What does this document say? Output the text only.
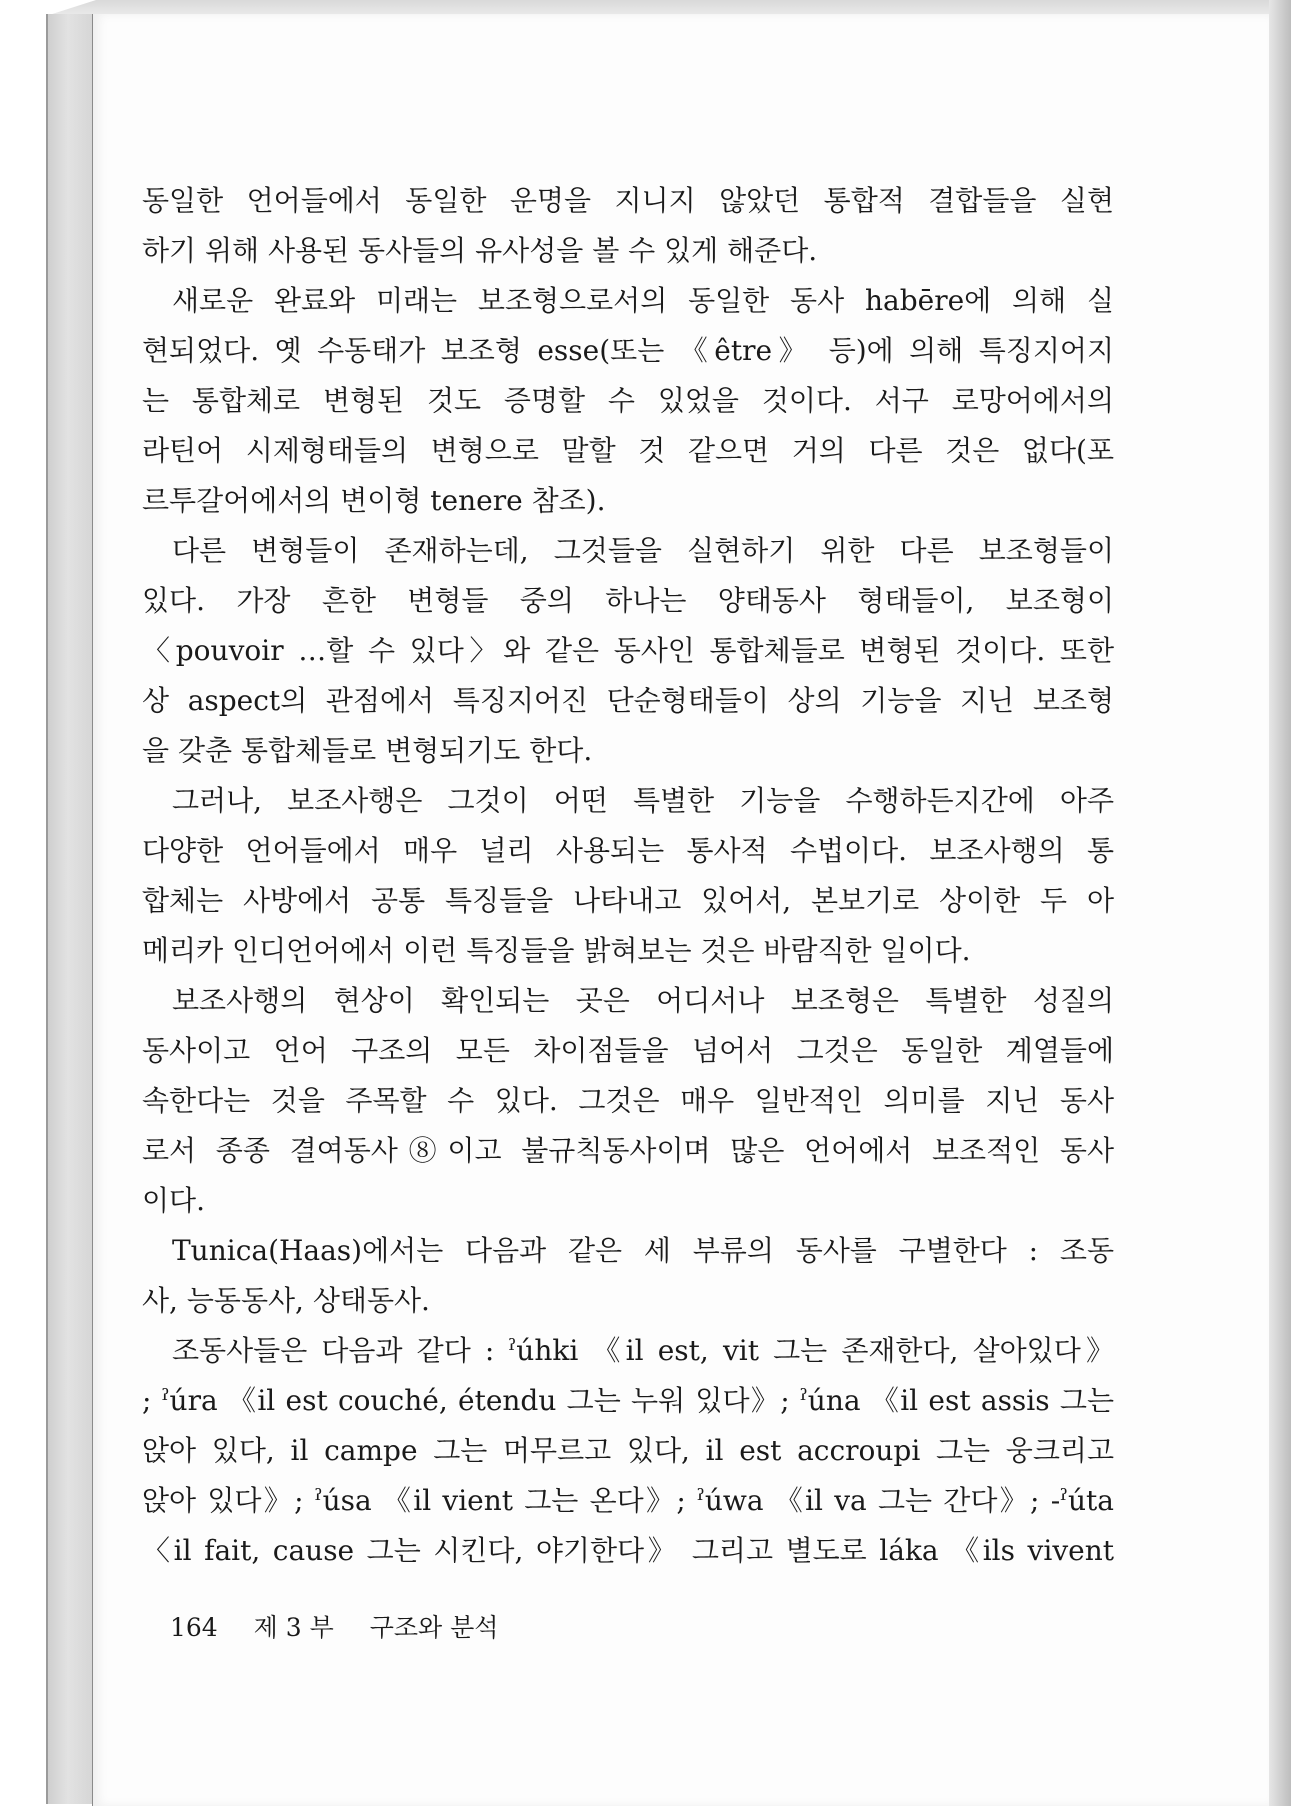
동일한 언어들에서 동일한 운명을 지니지 않았던 통합적 결합들을 실현
하기 위해 사용된 동사들의 유사성을 볼 수 있게 해준다.
새로운 완료와 미래는 보조형으로서의 동일한 동사 habēre에 의해 실
현되었다. 옛 수동태가 보조형 esse(또는 《être》 등)에 의해 특징지어지
는 통합체로 변형된 것도 증명할 수 있었을 것이다. 서구 로망어에서의
라틴어 시제형태들의 변형으로 말할 것 같으면 거의 다른 것은 없다(포
르투갈어에서의 변이형 tenere 참조).
다른 변형들이 존재하는데, 그것들을 실현하기 위한 다른 보조형들이
있다. 가장 흔한 변형들 중의 하나는 양태동사 형태들이, 보조형이
〈pouvoir …할 수 있다〉와 같은 동사인 통합체들로 변형된 것이다. 또한
상 aspect의 관점에서 특징지어진 단순형태들이 상의 기능을 지닌 보조형
을 갖춘 통합체들로 변형되기도 한다.
그러나, 보조사행은 그것이 어떤 특별한 기능을 수행하든지간에 아주
다양한 언어들에서 매우 널리 사용되는 통사적 수법이다. 보조사행의 통
합체는 사방에서 공통 특징들을 나타내고 있어서, 본보기로 상이한 두 아
메리카 인디언어에서 이런 특징들을 밝혀보는 것은 바람직한 일이다.
보조사행의 현상이 확인되는 곳은 어디서나 보조형은 특별한 성질의
동사이고 언어 구조의 모든 차이점들을 넘어서 그것은 동일한 계열들에
속한다는 것을 주목할 수 있다. 그것은 매우 일반적인 의미를 지닌 동사
로서 종종 결여동사⑧이고 불규칙동사이며 많은 언어에서 보조적인 동사
이다.
Tunica(Haas)에서는 다음과 같은 세 부류의 동사를 구별한다 : 조동
사, 능동동사, 상태동사.
조동사들은 다음과 같다 : ˀúhki 《il est, vit 그는 존재한다, 살아있다》
; ˀúra 《il est couché, étendu 그는 누워 있다》; ˀúna 《il est assis 그는
앉아 있다, il campe 그는 머무르고 있다, il est accroupi 그는 웅크리고
앉아 있다》; ˀúsa 《il vient 그는 온다》; ˀúwa 《il va 그는 간다》; -ˀúta
〈il fait, cause 그는 시킨다, 야기한다》 그리고 별도로 láka 《ils vivent
164 제 3 부 구조와 분석
